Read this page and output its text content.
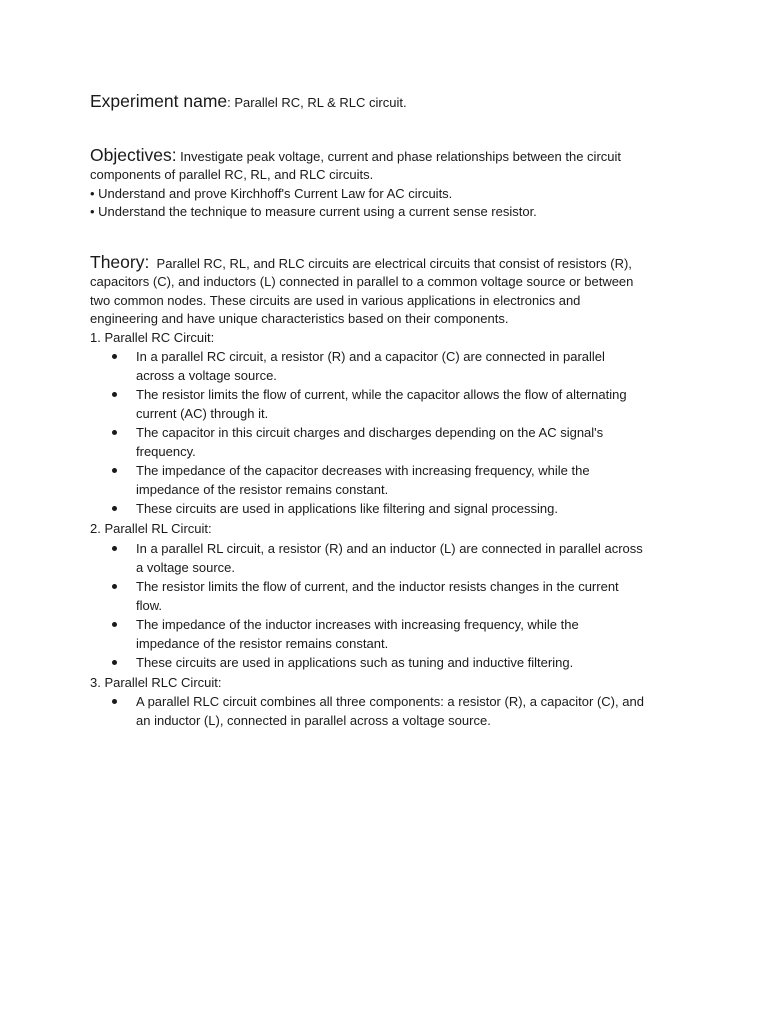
Experiment name: Parallel RC, RL & RLC circuit.

Objectives: Investigate peak voltage, current and phase relationships between the circuit

components of parallel RC, RL, and RLC circuits.

• Understand and prove Kirchhoff's Current Law for AC circuits.

• Understand the technique to measure current using a current sense resistor.

Theory:  Parallel RC, RL, and RLC circuits are electrical circuits that consist of resistors (R),

capacitors (C), and inductors (L) connected in parallel to a common voltage source or between

two common nodes. These circuits are used in various applications in electronics and

engineering and have unique characteristics based on their components.

1. Parallel RC Circuit:

In a parallel RC circuit, a resistor (R) and a capacitor (C) are connected in parallel
across a voltage source.
The resistor limits the flow of current, while the capacitor allows the flow of alternating
current (AC) through it.
The capacitor in this circuit charges and discharges depending on the AC signal's
frequency.
The impedance of the capacitor decreases with increasing frequency, while the
impedance of the resistor remains constant.
These circuits are used in applications like filtering and signal processing.

2. Parallel RL Circuit:

In a parallel RL circuit, a resistor (R) and an inductor (L) are connected in parallel across
a voltage source.
The resistor limits the flow of current, and the inductor resists changes in the current
flow.
The impedance of the inductor increases with increasing frequency, while the
impedance of the resistor remains constant.
These circuits are used in applications such as tuning and inductive filtering.

3. Parallel RLC Circuit:

A parallel RLC circuit combines all three components: a resistor (R), a capacitor (C), and
an inductor (L), connected in parallel across a voltage source.
